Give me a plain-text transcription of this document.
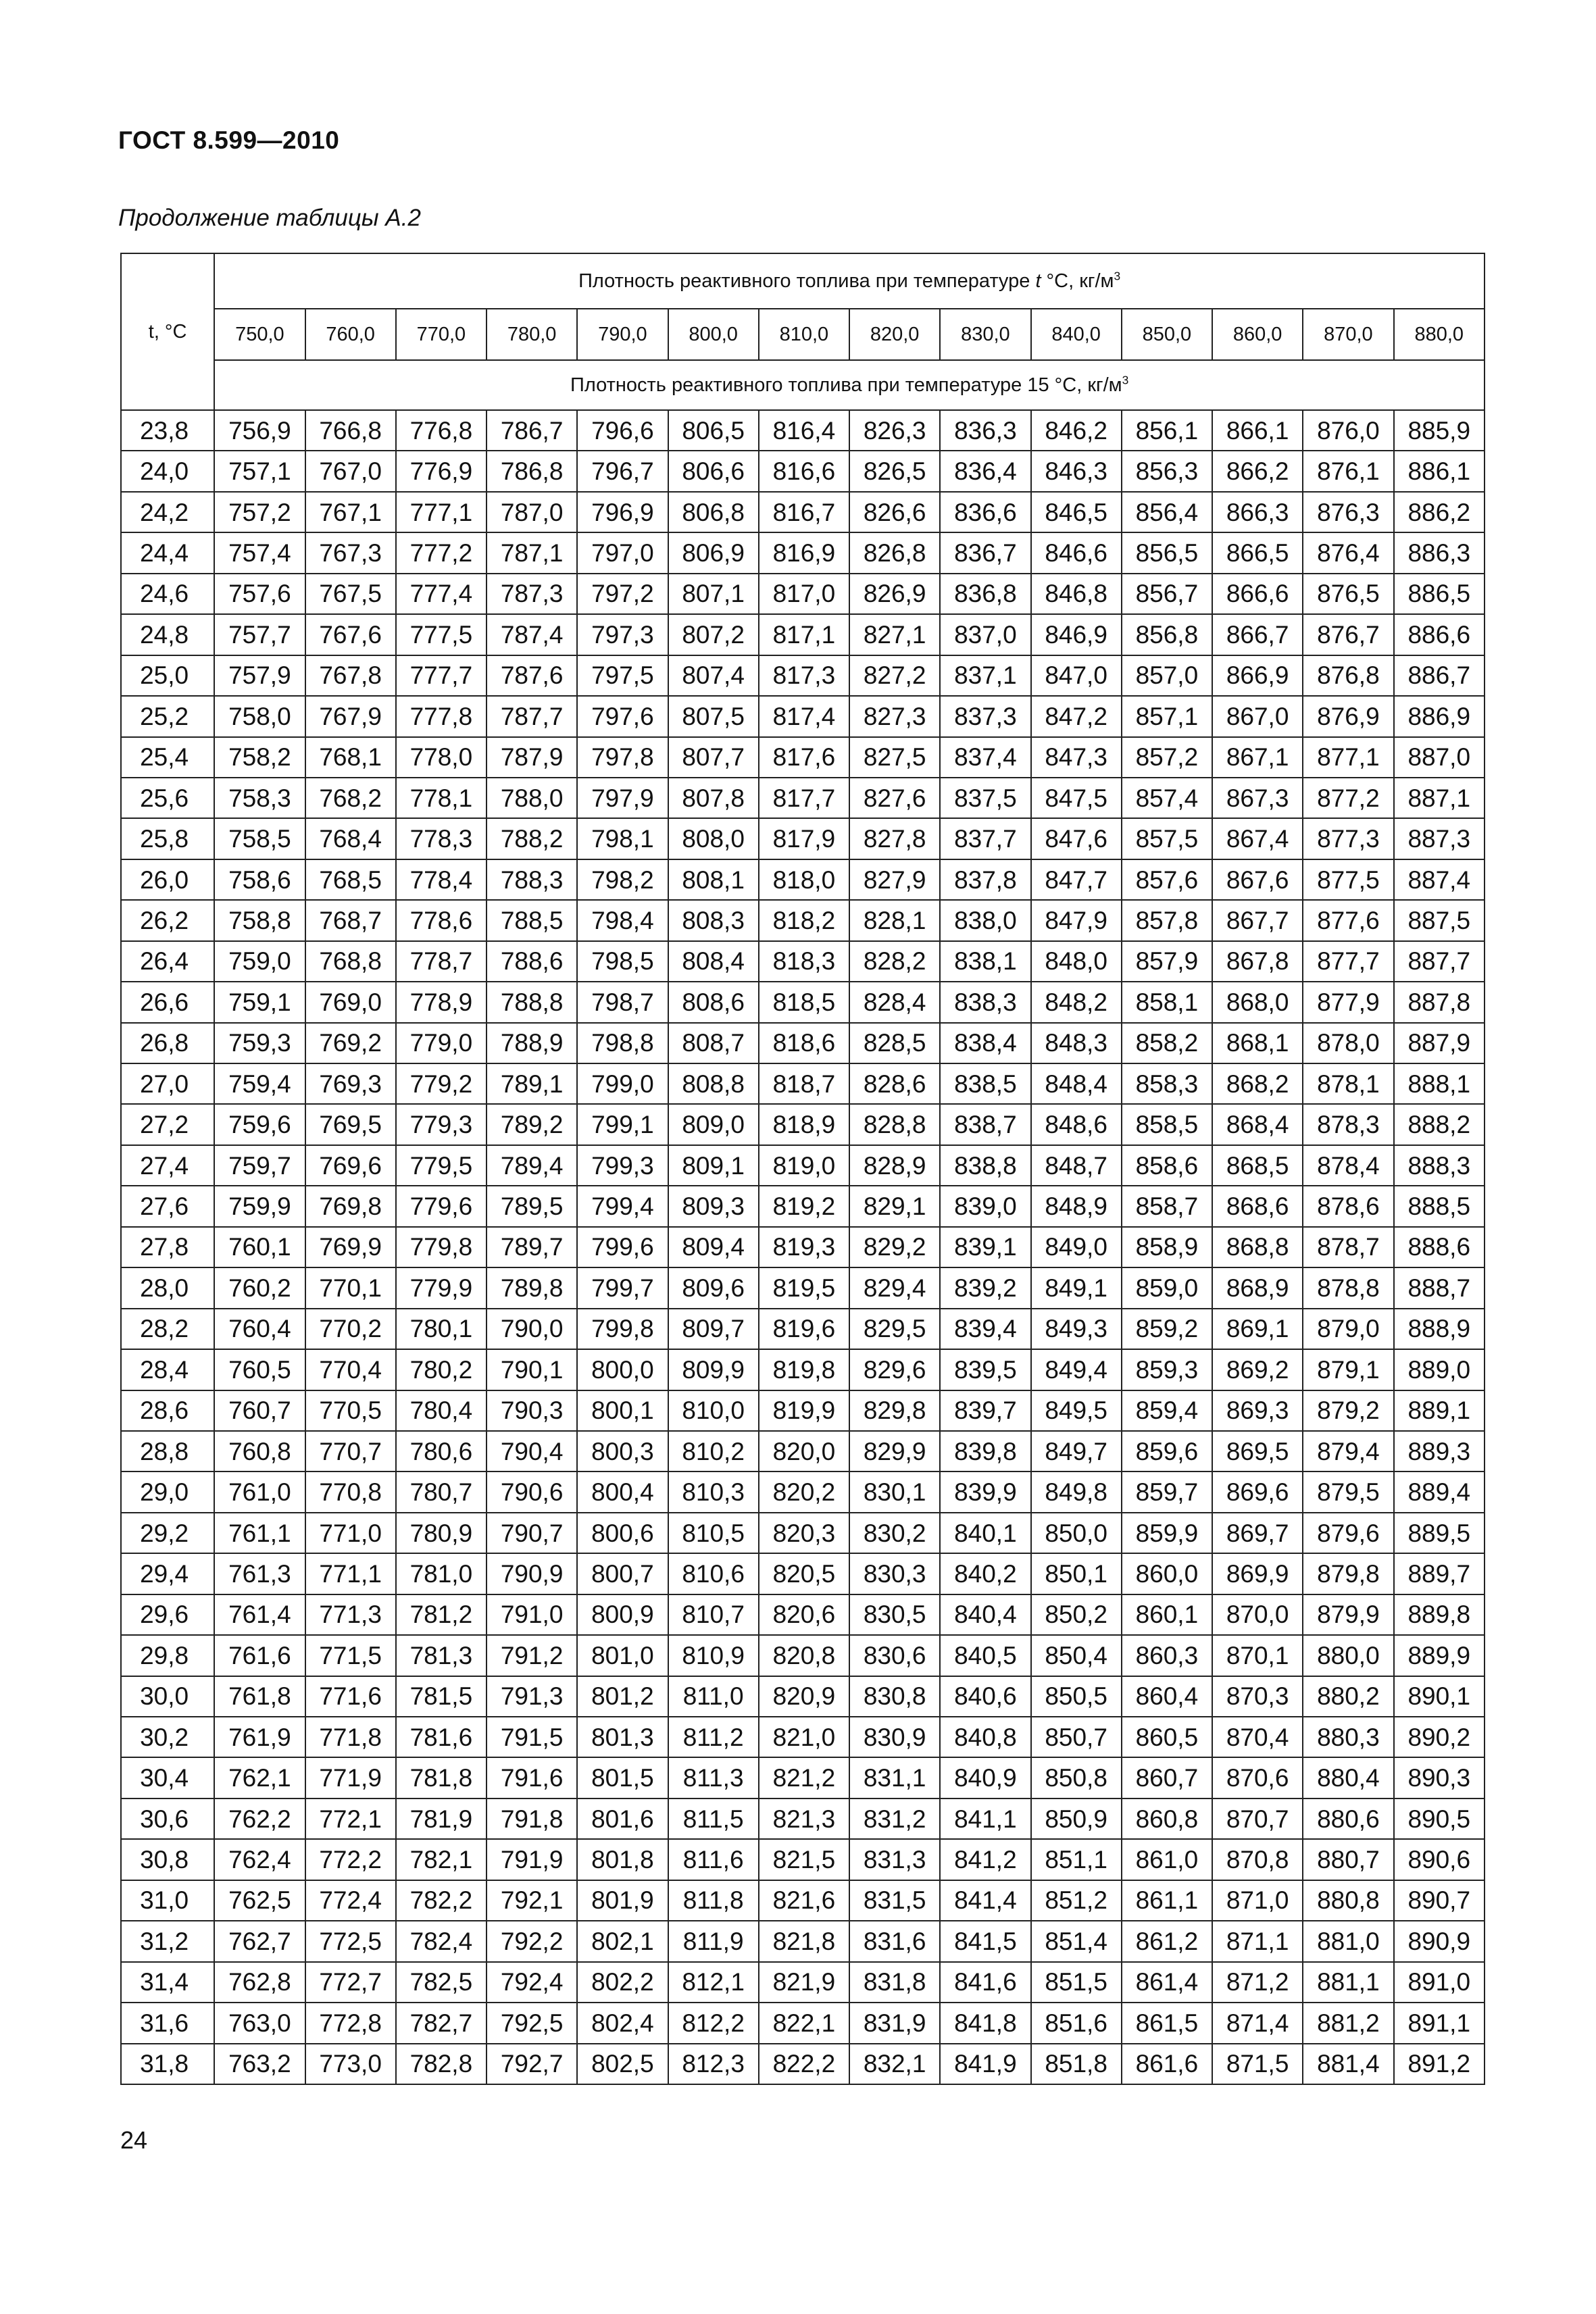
ГОСТ 8.599—2010
Продолжение таблицы А.2
t, °C	Плотность реактивного топлива при температуре t °С, $кг/м^3$
	750,0	760,0	770,0	780,0	790,0	800,0	810,0	820,0	830,0	840,0	850,0	860,0	870,0	880,0
	Плотность реактивного топлива при температуре 15 °С, $кг/м^3$
23,8	756,9	766,8	776,8	786,7	796,6	806,5	816,4	826,3	836,3	846,2	856,1	866,1	876,0	885,9
24,0	757,1	767,0	776,9	786,8	796,7	806,6	816,6	826,5	836,4	846,3	856,3	866,2	876,1	886,1
24,2	757,2	767,1	777,1	787,0	796,9	806,8	816,7	826,6	836,6	846,5	856,4	866,3	876,3	886,2
24,4	757,4	767,3	777,2	787,1	797,0	806,9	816,9	826,8	836,7	846,6	856,5	866,5	876,4	886,3
24,6	757,6	767,5	777,4	787,3	797,2	807,1	817,0	826,9	836,8	846,8	856,7	866,6	876,5	886,5
24,8	757,7	767,6	777,5	787,4	797,3	807,2	817,1	827,1	837,0	846,9	856,8	866,7	876,7	886,6
25,0	757,9	767,8	777,7	787,6	797,5	807,4	817,3	827,2	837,1	847,0	857,0	866,9	876,8	886,7
25,2	758,0	767,9	777,8	787,7	797,6	807,5	817,4	827,3	837,3	847,2	857,1	867,0	876,9	886,9
25,4	758,2	768,1	778,0	787,9	797,8	807,7	817,6	827,5	837,4	847,3	857,2	867,1	877,1	887,0
25,6	758,3	768,2	778,1	788,0	797,9	807,8	817,7	827,6	837,5	847,5	857,4	867,3	877,2	887,1
25,8	758,5	768,4	778,3	788,2	798,1	808,0	817,9	827,8	837,7	847,6	857,5	867,4	877,3	887,3
26,0	758,6	768,5	778,4	788,3	798,2	808,1	818,0	827,9	837,8	847,7	857,6	867,6	877,5	887,4
26,2	758,8	768,7	778,6	788,5	798,4	808,3	818,2	828,1	838,0	847,9	857,8	867,7	877,6	887,5
26,4	759,0	768,8	778,7	788,6	798,5	808,4	818,3	828,2	838,1	848,0	857,9	867,8	877,7	887,7
26,6	759,1	769,0	778,9	788,8	798,7	808,6	818,5	828,4	838,3	848,2	858,1	868,0	877,9	887,8
26,8	759,3	769,2	779,0	788,9	798,8	808,7	818,6	828,5	838,4	848,3	858,2	868,1	878,0	887,9
27,0	759,4	769,3	779,2	789,1	799,0	808,8	818,7	828,6	838,5	848,4	858,3	868,2	878,1	888,1
27,2	759,6	769,5	779,3	789,2	799,1	809,0	818,9	828,8	838,7	848,6	858,5	868,4	878,3	888,2
27,4	759,7	769,6	779,5	789,4	799,3	809,1	819,0	828,9	838,8	848,7	858,6	868,5	878,4	888,3
27,6	759,9	769,8	779,6	789,5	799,4	809,3	819,2	829,1	839,0	848,9	858,7	868,6	878,6	888,5
27,8	760,1	769,9	779,8	789,7	799,6	809,4	819,3	829,2	839,1	849,0	858,9	868,8	878,7	888,6
28,0	760,2	770,1	779,9	789,8	799,7	809,6	819,5	829,4	839,2	849,1	859,0	868,9	878,8	888,7
28,2	760,4	770,2	780,1	790,0	799,8	809,7	819,6	829,5	839,4	849,3	859,2	869,1	879,0	888,9
28,4	760,5	770,4	780,2	790,1	800,0	809,9	819,8	829,6	839,5	849,4	859,3	869,2	879,1	889,0
28,6	760,7	770,5	780,4	790,3	800,1	810,0	819,9	829,8	839,7	849,5	859,4	869,3	879,2	889,1
28,8	760,8	770,7	780,6	790,4	800,3	810,2	820,0	829,9	839,8	849,7	859,6	869,5	879,4	889,3
29,0	761,0	770,8	780,7	790,6	800,4	810,3	820,2	830,1	839,9	849,8	859,7	869,6	879,5	889,4
29,2	761,1	771,0	780,9	790,7	800,6	810,5	820,3	830,2	840,1	850,0	859,9	869,7	879,6	889,5
29,4	761,3	771,1	781,0	790,9	800,7	810,6	820,5	830,3	840,2	850,1	860,0	869,9	879,8	889,7
29,6	761,4	771,3	781,2	791,0	800,9	810,7	820,6	830,5	840,4	850,2	860,1	870,0	879,9	889,8
29,8	761,6	771,5	781,3	791,2	801,0	810,9	820,8	830,6	840,5	850,4	860,3	870,1	880,0	889,9
30,0	761,8	771,6	781,5	791,3	801,2	811,0	820,9	830,8	840,6	850,5	860,4	870,3	880,2	890,1
30,2	761,9	771,8	781,6	791,5	801,3	811,2	821,0	830,9	840,8	850,7	860,5	870,4	880,3	890,2
30,4	762,1	771,9	781,8	791,6	801,5	811,3	821,2	831,1	840,9	850,8	860,7	870,6	880,4	890,3
30,6	762,2	772,1	781,9	791,8	801,6	811,5	821,3	831,2	841,1	850,9	860,8	870,7	880,6	890,5
30,8	762,4	772,2	782,1	791,9	801,8	811,6	821,5	831,3	841,2	851,1	861,0	870,8	880,7	890,6
31,0	762,5	772,4	782,2	792,1	801,9	811,8	821,6	831,5	841,4	851,2	861,1	871,0	880,8	890,7
31,2	762,7	772,5	782,4	792,2	802,1	811,9	821,8	831,6	841,5	851,4	861,2	871,1	881,0	890,9
31,4	762,8	772,7	782,5	792,4	802,2	812,1	821,9	831,8	841,6	851,5	861,4	871,2	881,1	891,0
31,6	763,0	772,8	782,7	792,5	802,4	812,2	822,1	831,9	841,8	851,6	861,5	871,4	881,2	891,1
31,8	763,2	773,0	782,8	792,7	802,5	812,3	822,2	832,1	841,9	851,8	861,6	871,5	881,4	891,2
24
